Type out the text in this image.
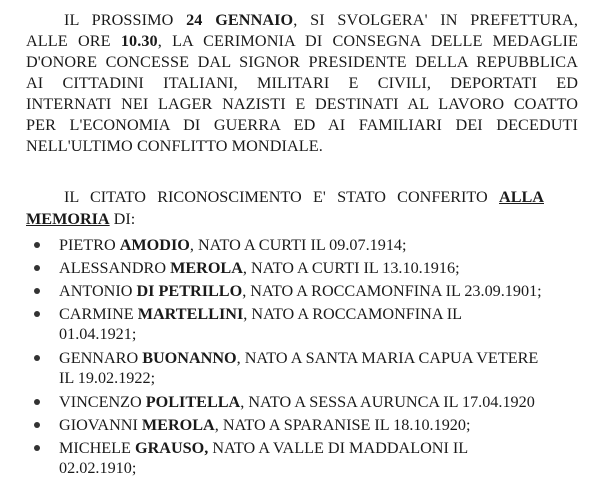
IL PROSSIMO 24 GENNAIO, SI SVOLGERA' IN PREFETTURA,
ALLE ORE 10.30, LA CERIMONIA DI CONSEGNA DELLE MEDAGLIE
D'ONORE CONCESSE DAL SIGNOR PRESIDENTE DELLA REPUBBLICA
AI CITTADINI ITALIANI, MILITARI E CIVILI, DEPORTATI ED
INTERNATI NEI LAGER NAZISTI E DESTINATI AL LAVORO COATTO
PER L'ECONOMIA DI GUERRA ED AI FAMILIARI DEI DECEDUTI
NELL'ULTIMO CONFLITTO MONDIALE.
IL CITATO RICONOSCIMENTO E' STATO CONFERITO ALLA
MEMORIA DI:
PIETRO AMODIO, NATO A CURTI IL 09.07.1914;
ALESSANDRO MEROLA, NATO A CURTI IL 13.10.1916;
ANTONIO DI PETRILLO, NATO A ROCCAMONFINA IL 23.09.1901;
CARMINE MARTELLINI, NATO A ROCCAMONFINA IL
01.04.1921;
GENNARO BUONANNO, NATO A SANTA MARIA CAPUA VETERE
IL 19.02.1922;
VINCENZO POLITELLA, NATO A SESSA AURUNCA IL 17.04.1920
GIOVANNI MEROLA, NATO A SPARANISE IL 18.10.1920;
MICHELE GRAUSO, NATO A VALLE DI MADDALONI IL
02.02.1910;
